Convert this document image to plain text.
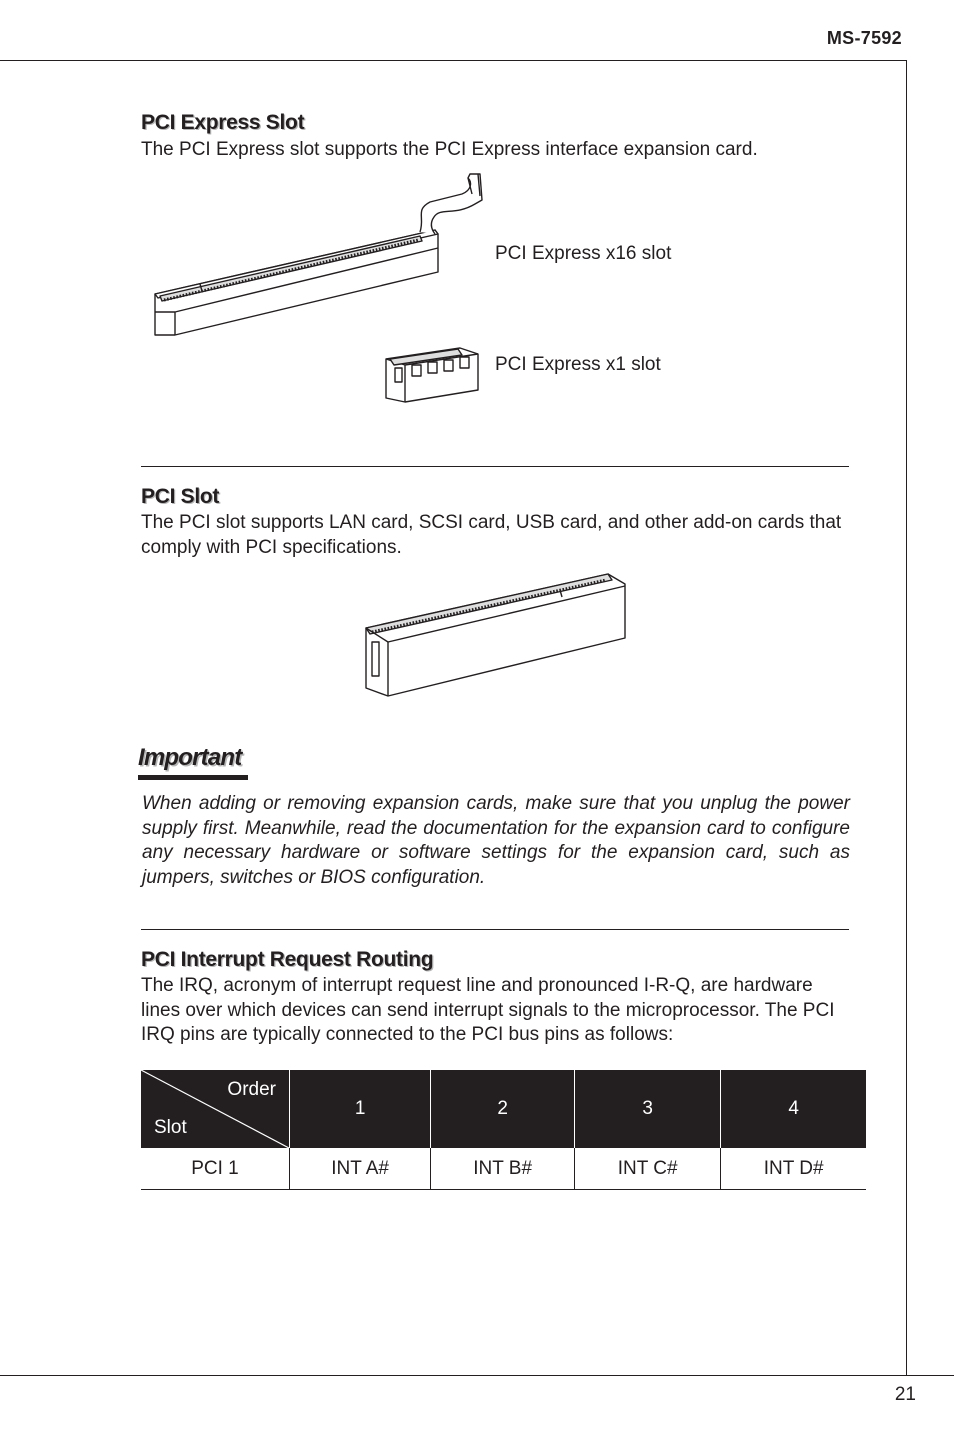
MS-7592
21
PCI Express Slot
The PCI Express slot supports the PCI Express interface expansion card.
PCI Express x16 slot
PCI Express x1 slot
PCI Slot
The PCI slot supports LAN card, SCSI card, USB card, and other add-on cards that comply with PCI specifications.
Important
When adding or removing expansion cards, make sure that you unplug the power supply first. Meanwhile, read the documentation for the expansion card to configure any necessary hardware or software settings for the expansion card, such as jumpers, switches or BIOS configuration.
PCI Interrupt Request Routing
The IRQ, acronym of interrupt request line and pronounced I-R-Q, are hardware lines over which devices can send interrupt signals to the microprocessor. The PCI IRQ pins are typically connected to the PCI bus pins as follows:
Order
Slot	1	2	3	4
PCI 1	INT A#	INT B#	INT C#	INT D#
